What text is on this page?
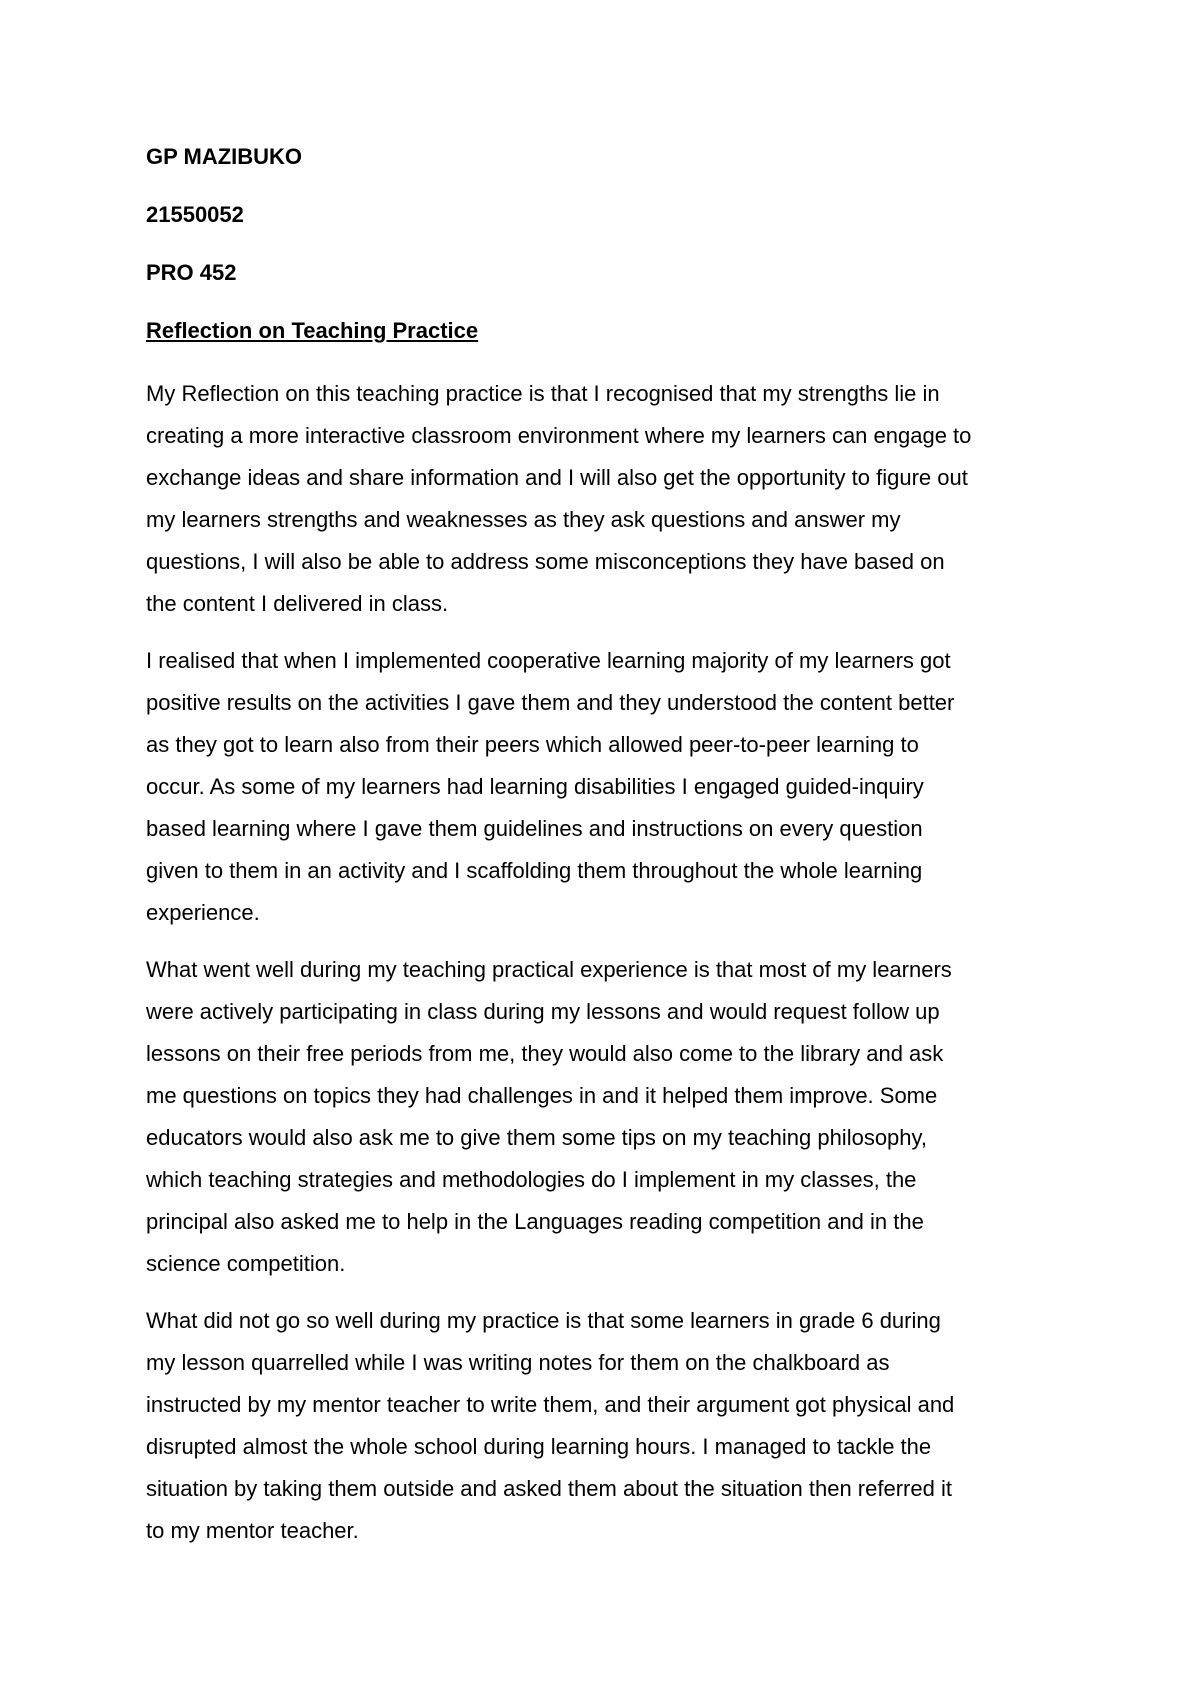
GP MAZIBUKO
21550052
PRO 452
Reflection on Teaching Practice
My Reflection on this teaching practice is that I recognised that my strengths lie in
creating a more interactive classroom environment where my learners can engage to
exchange ideas and share information and I will also get the opportunity to figure out
my learners strengths and weaknesses as they ask questions and answer my
questions, I will also be able to address some misconceptions they have based on
the content I delivered in class.
I realised that when I implemented cooperative learning majority of my learners got
positive results on the activities I gave them and they understood the content better
as they got to learn also from their peers which allowed peer-to-peer learning to
occur. As some of my learners had learning disabilities I engaged guided-inquiry
based learning where I gave them guidelines and instructions on every question
given to them in an activity and I scaffolding them throughout the whole learning
experience.
What went well during my teaching practical experience is that most of my learners
were actively participating in class during my lessons and would request follow up
lessons on their free periods from me, they would also come to the library and ask
me questions on topics they had challenges in and it helped them improve. Some
educators would also ask me to give them some tips on my teaching philosophy,
which teaching strategies and methodologies do I implement in my classes, the
principal also asked me to help in the Languages reading competition and in the
science competition.
What did not go so well during my practice is that some learners in grade 6 during
my lesson quarrelled while I was writing notes for them on the chalkboard as
instructed by my mentor teacher to write them, and their argument got physical and
disrupted almost the whole school during learning hours. I managed to tackle the
situation by taking them outside and asked them about the situation then referred it
to my mentor teacher.
